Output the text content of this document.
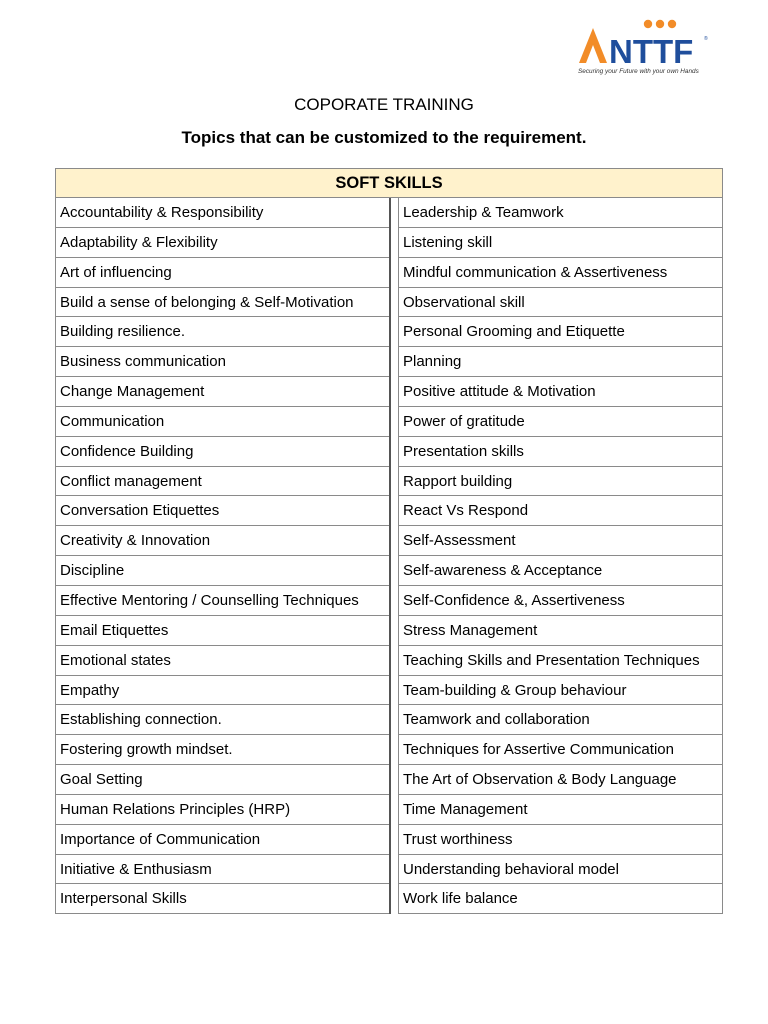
NTTF ®
Securing your Future with your own Hands
COPORATE TRAINING
Topics that can be customized to the requirement.
SOFT SKILLS
Accountability & Responsibility
Adaptability & Flexibility
Art of influencing
Build a sense of belonging & Self-Motivation
Building resilience.
Business communication
Change Management
Communication
Confidence Building
Conflict management
Conversation Etiquettes
Creativity & Innovation
Discipline
Effective Mentoring / Counselling Techniques
Email Etiquettes
Emotional states
Empathy
Establishing connection.
Fostering growth mindset.
Goal Setting
Human Relations Principles (HRP)
Importance of Communication
Initiative & Enthusiasm
Interpersonal Skills
Leadership & Teamwork
Listening skill
Mindful communication & Assertiveness
Observational skill
Personal Grooming and Etiquette
Planning
Positive attitude & Motivation
Power of gratitude
Presentation skills
Rapport building
React Vs Respond
Self-Assessment
Self-awareness & Acceptance
Self-Confidence &, Assertiveness
Stress Management
Teaching Skills and Presentation Techniques
Team-building & Group behaviour
Teamwork and collaboration
Techniques for Assertive Communication
The Art of Observation & Body Language
Time Management
Trust worthiness
Understanding behavioral model
Work life balance
